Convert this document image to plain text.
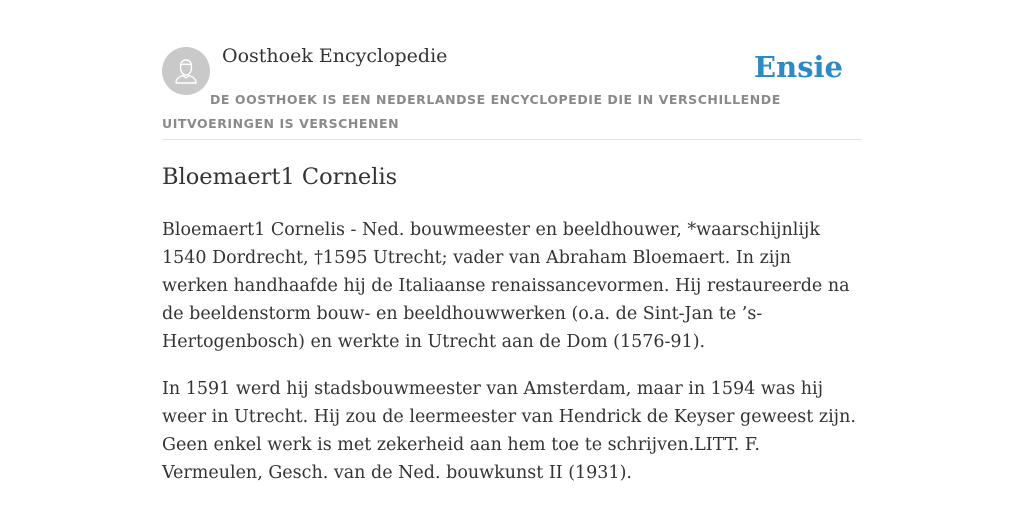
Oosthoek Encyclopedie	Ensie
DE OOSTHOEK IS EEN NEDERLANDSE ENCYCLOPEDIE DIE IN VERSCHILLENDE UITVOERINGEN IS VERSCHENEN
Bloemaert1 Cornelis

Bloemaert1 Cornelis - Ned. bouwmeester en beeldhouwer, *waarschijnlijk 1540 Dordrecht, †1595 Utrecht; vader van Abraham Bloemaert. In zijn werken handhaafde hij de Italiaanse renaissancevormen. Hij restaureerde na de beeldenstorm bouw- en beeldhouwwerken (o.a. de Sint-Jan te ’s-Hertogenbosch) en werkte in Utrecht aan de Dom (1576-91).

In 1591 werd hij stadsbouwmeester van Amsterdam, maar in 1594 was hij weer in Utrecht. Hij zou de leermeester van Hendrick de Keyser geweest zijn. Geen enkel werk is met zekerheid aan hem toe te schrijven.LITT. F. Vermeulen, Gesch. van de Ned. bouwkunst II (1931).
